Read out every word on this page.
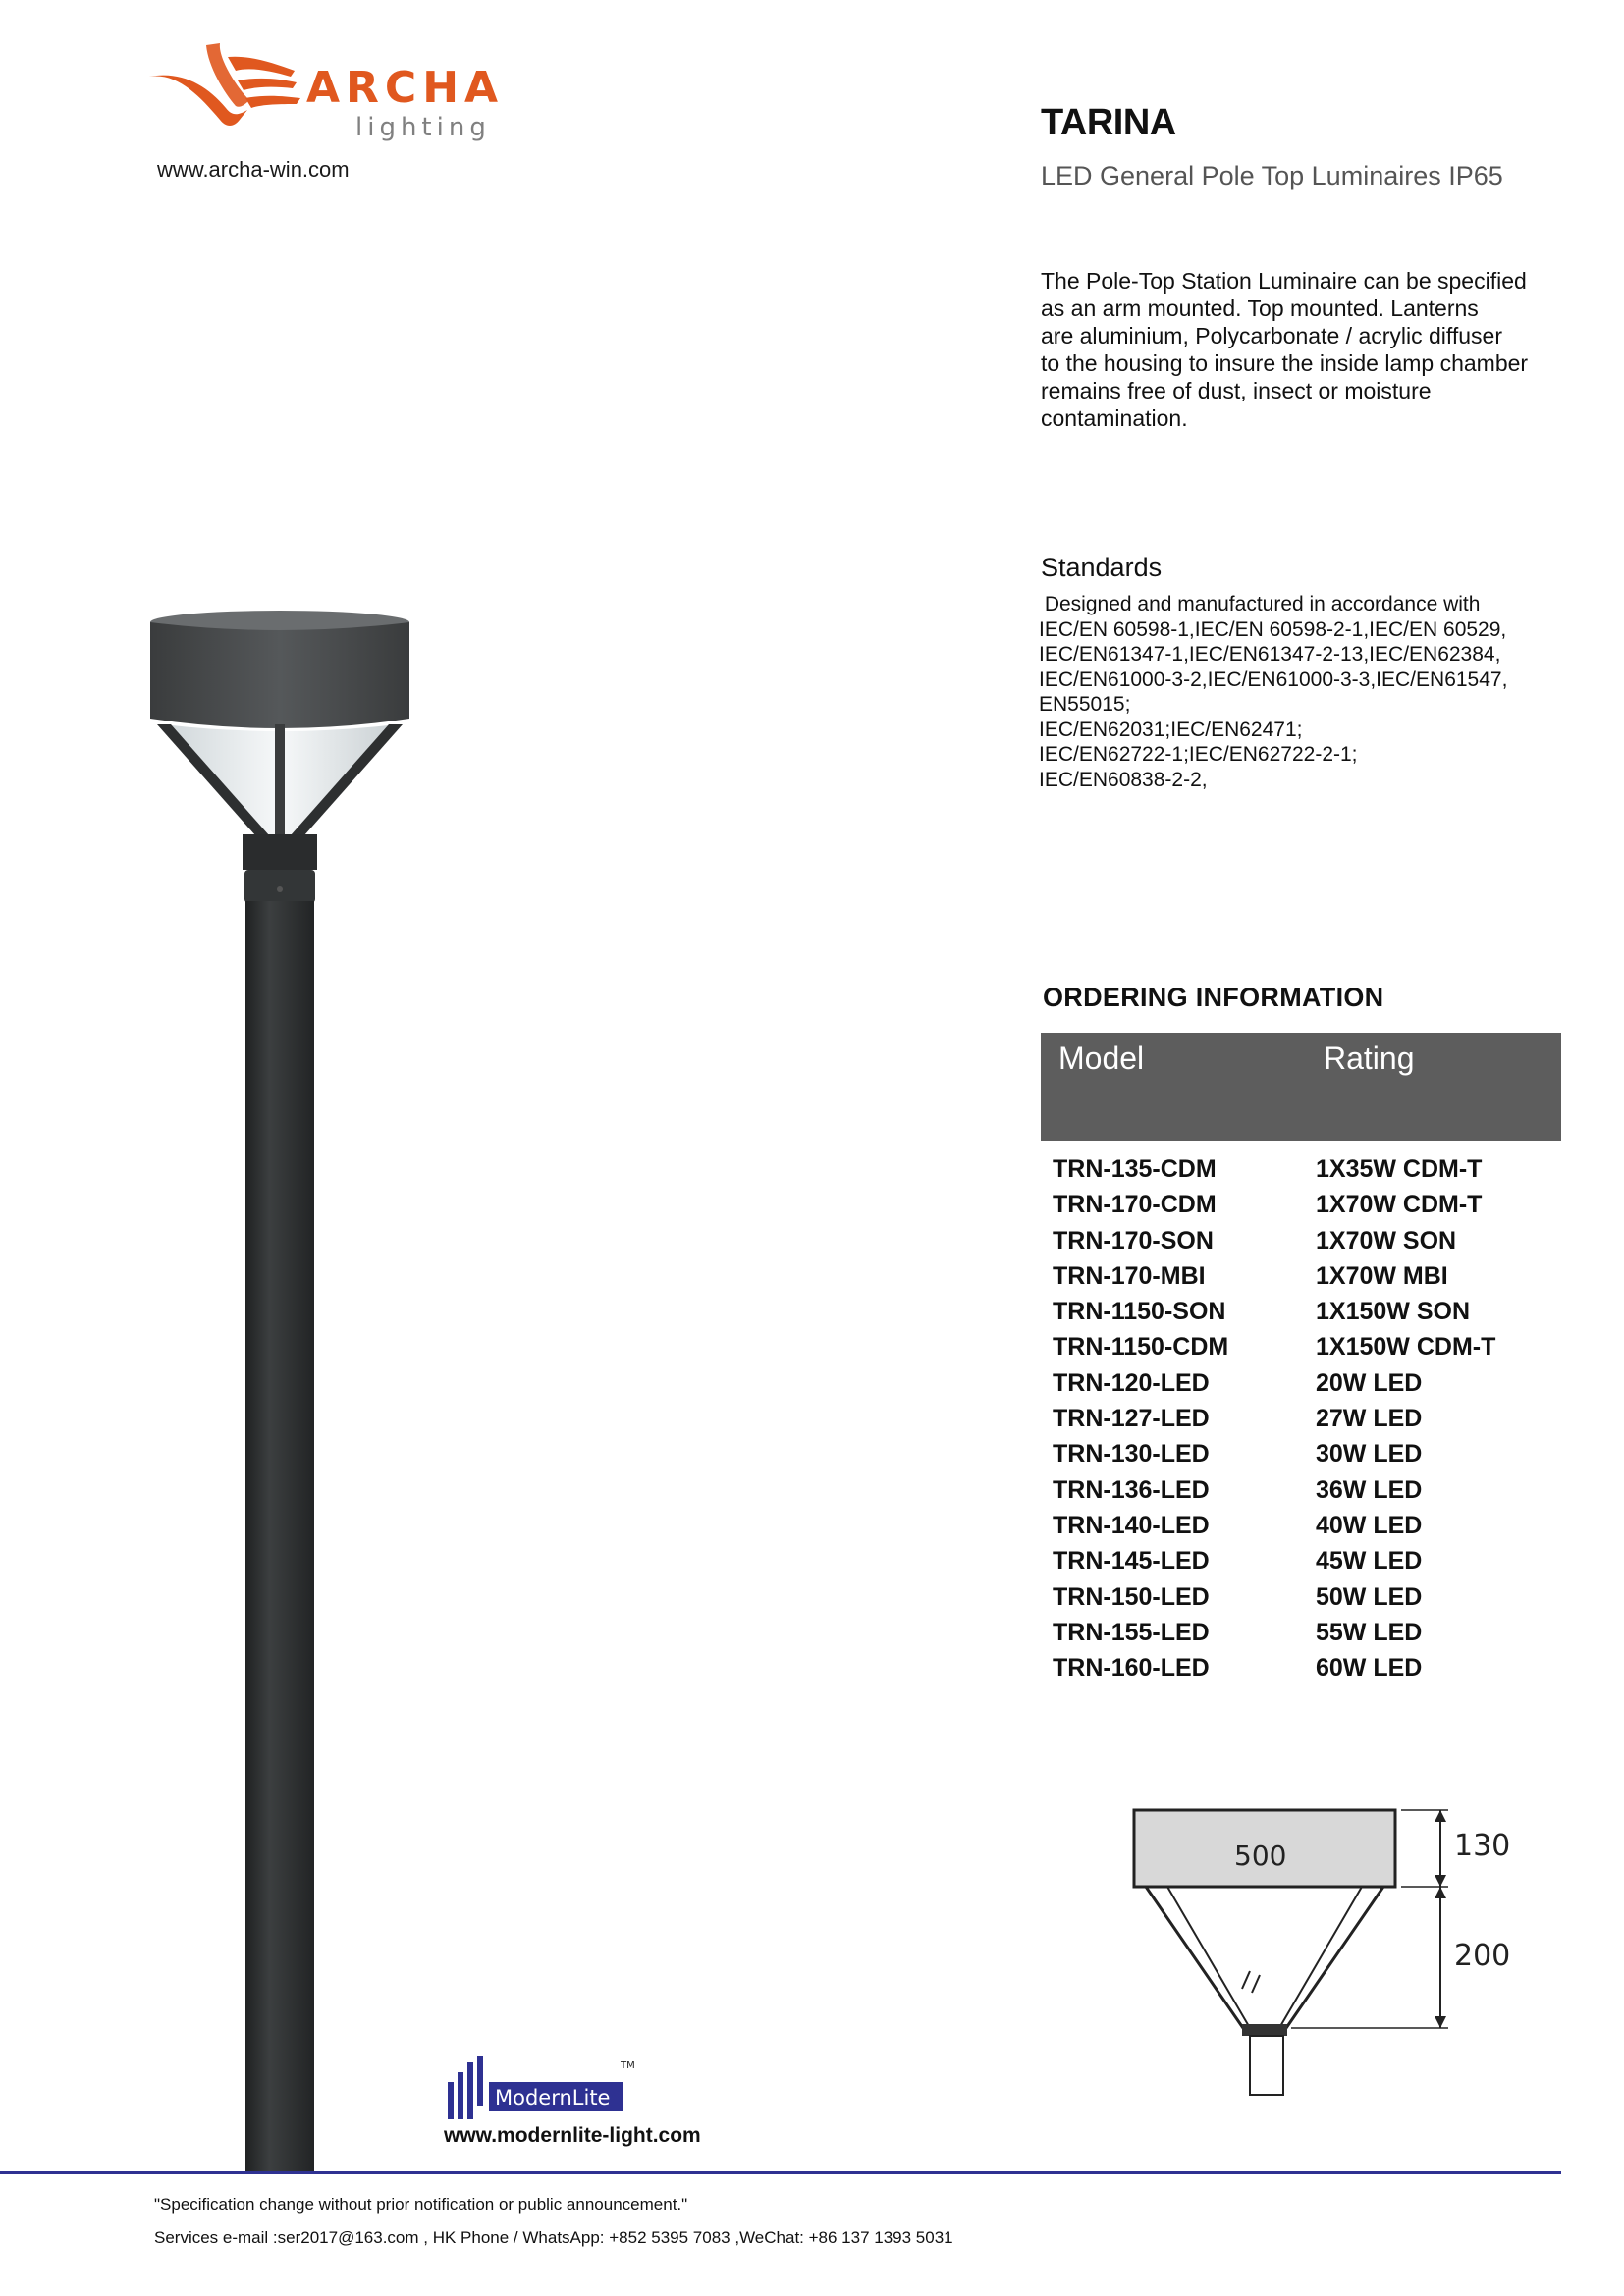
ARCHA
lighting
www.archa-win.com
TARINA
LED General Pole Top Luminaires IP65

The Pole-Top Station Luminaire can be specified

as an arm mounted. Top mounted. Lanterns

are aluminium, Polycarbonate / acrylic diffuser

to the housing to insure the inside lamp chamber

remains free of dust, insect or moisture

contamination.

Standards

Designed and manufactured in accordance with

IEC/EN 60598-1,IEC/EN 60598-2-1,IEC/EN 60529,

IEC/EN61347-1,IEC/EN61347-2-13,IEC/EN62384,

IEC/EN61000-3-2,IEC/EN61000-3-3,IEC/EN61547,

EN55015;

IEC/EN62031;IEC/EN62471;

IEC/EN62722-1;IEC/EN62722-2-1;

IEC/EN60838-2-2,

ORDERING INFORMATION
Model	Rating
TRN-135-CDM	1X35W CDM-T
TRN-170-CDM	1X70W CDM-T
TRN-170-SON	1X70W SON
TRN-170-MBI	1X70W MBI
TRN-1150-SON	1X150W SON
TRN-1150-CDM	1X150W CDM-T
TRN-120-LED	20W LED
TRN-127-LED	27W LED
TRN-130-LED	30W LED
TRN-136-LED	36W LED
TRN-140-LED	40W LED
TRN-145-LED	45W LED
TRN-150-LED	50W LED
TRN-155-LED	55W LED
TRN-160-LED	60W LED
500	130
200
ModernLite
TM
www.modernlite-light.com
"Specification change without prior notification or public announcement."
Services e-mail :ser2017@163.com , HK Phone / WhatsApp: +852 5395 7083 ,WeChat: +86 137 1393 5031
